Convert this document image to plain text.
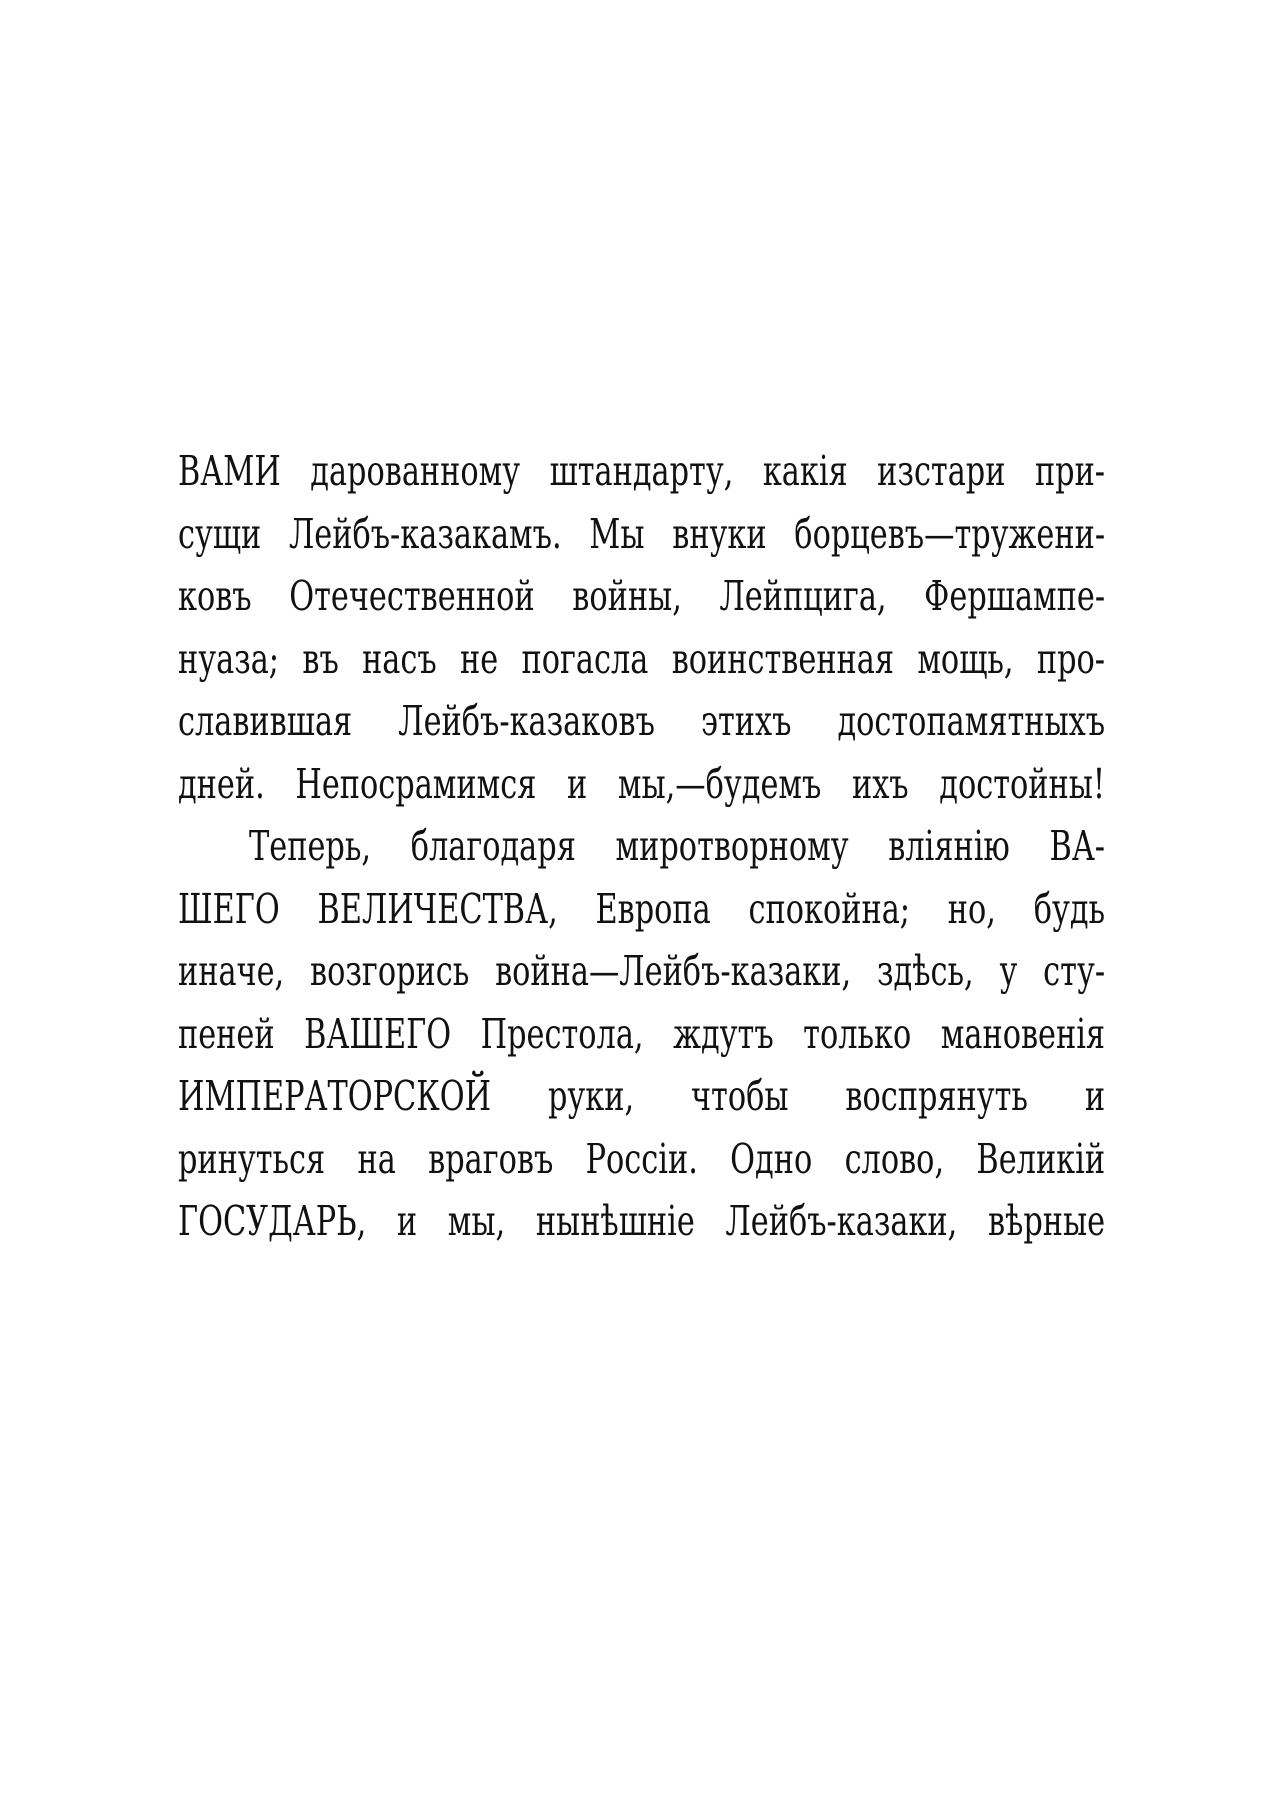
ВАМИ дарованному штандарту, какія изстари при-
сущи Лейбъ-казакамъ. Мы внуки борцевъ—тружени-
ковъ Отечественной войны, Лейпцига, Фершампе-
нуаза; въ насъ не погасла воинственная мощь, про-
славившая Лейбъ-казаковъ этихъ достопамятныхъ
дней. Непосрамимся и мы,—будемъ ихъ достойны!
Теперь, благодаря миротворному вліянію ВА-
ШЕГО ВЕЛИЧЕСТВА, Европа спокойна; но, будь
иначе, возгорись война—Лейбъ-казаки, здѣсь, у сту-
пеней ВАШЕГО Престола, ждутъ только мановенія
ИМПЕРАТОРСКОЙ руки, чтобы воспрянуть и
ринуться на враговъ Россіи. Одно слово, Великій
ГОСУДАРЬ, и мы, нынѣшніе Лейбъ-казаки, вѣрные
